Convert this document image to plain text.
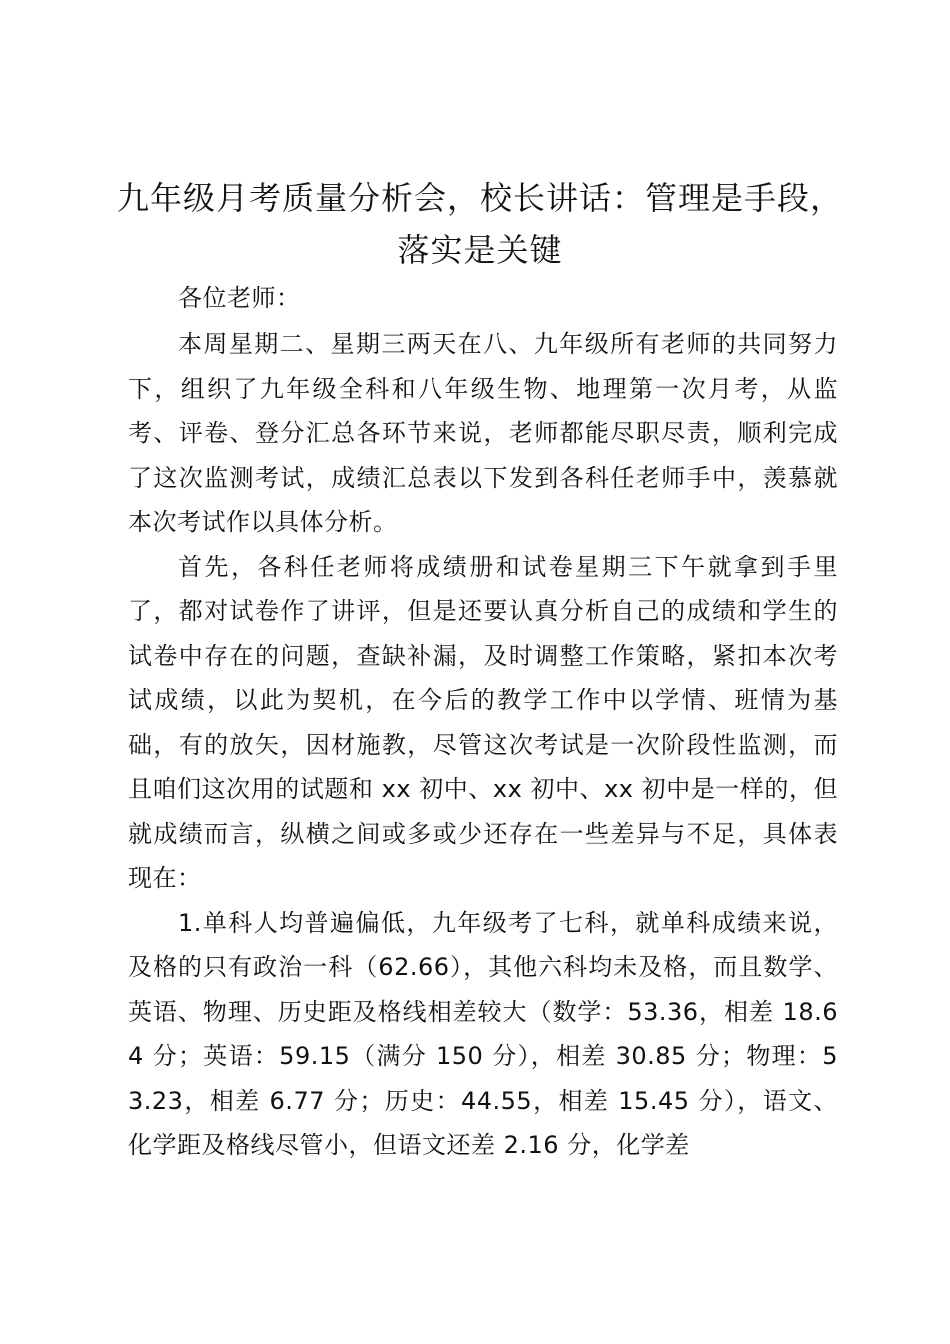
九年级月考质量分析会，校长讲话：管理是手段，落实是关键

各位老师：

本周星期二、星期三两天在八、九年级所有老师的共同努力下，组织了九年级全科和八年级生物、地理第一次月考，从监考、评卷、登分汇总各环节来说，老师都能尽职尽责，顺利完成了这次监测考试，成绩汇总表以下发到各科任老师手中，羡慕就本次考试作以具体分析。

首先，各科任老师将成绩册和试卷星期三下午就拿到手里了，都对试卷作了讲评，但是还要认真分析自己的成绩和学生的试卷中存在的问题，查缺补漏，及时调整工作策略，紧扣本次考试成绩，以此为契机，在今后的教学工作中以学情、班情为基础，有的放矢，因材施教，尽管这次考试是一次阶段性监测，而且咱们这次用的试题和 xx 初中、xx 初中、xx 初中是一样的，但就成绩而言，纵横之间或多或少还存在一些差异与不足，具体表现在：

1.单科人均普遍偏低，九年级考了七科，就单科成绩来说，及格的只有政治一科（62.66），其他六科均未及格，而且数学、英语、物理、历史距及格线相差较大（数学：53.36，相差 18.64 分；英语：59.15（满分 150 分），相差 30.85 分；物理：53.23，相差 6.77 分；历史：44.55，相差 15.45 分），语文、化学距及格线尽管小，但语文还差 2.16 分，化学差
